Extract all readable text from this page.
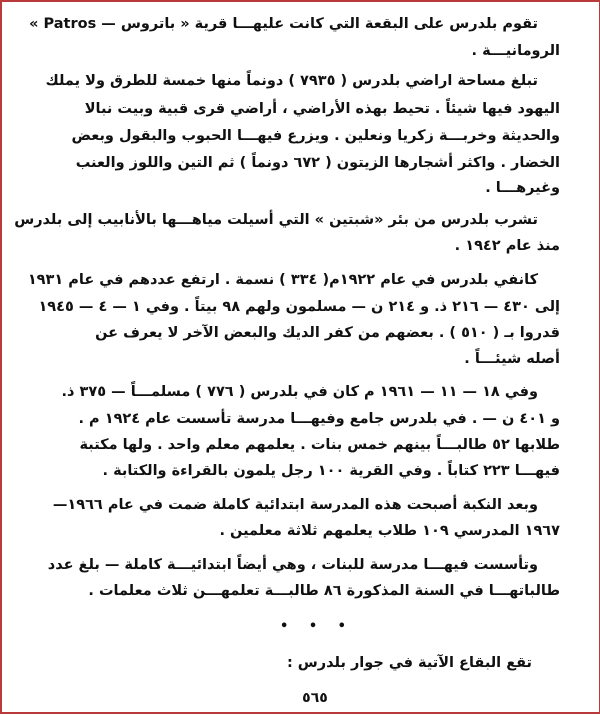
تقوم بلدرس على البقعة التي كانت عليهـــا قرية « باتروس — Patros »
الرومانيـــة .
تبلغ مساحة اراضي بلدرس ( ٧٩٣٥ ) دونماً منها خمسة للطرق ولا يملك
اليهود فيها شيئاً . تحيط بهذه الأراضي ، أراضي قرى قبية وبيت نبالا
والحديثة وخربـــة زكريا ونعلين . ويزرع فيهـــا الحبوب والبقول وبعض
الخضار . واكثر أشجارها الزيتون ( ٦٧٢ دونماً ) ثم التين واللوز والعنب
وغيرهـــا .
تشرب بلدرس من بئر «شبتين » التي أسيلت مياهـــها بالأنابيب إلى بلدرس
منذ عام ١٩٤٢ .
كانفي بلدرس في عام ١٩٢٢م( ٣٣٤ ) نسمة . ارتفع عددهم في عام ١٩٣١
إلى ٤٣٠ — ٢١٦ ذ. و ٢١٤ ن — مسلمون ولهم ٩٨ بيتاً . وفي ١ — ٤ — ١٩٤٥
قدروا بـ ( ٥١٠ ) . بعضهم من كفر الديك والبعض الآخر لا يعرف عن
أصله شيئـــاً .
وفي ١٨ — ١١ — ١٩٦١ م كان في بلدرس ( ٧٧٦ ) مسلمـــاً — ٣٧٥ ذ.
و ٤٠١ ن — . في بلدرس جامع وفيهـــا مدرسة تأسست عام ١٩٢٤ م .
طلابها ٥٢ طالبـــاً بينهم خمس بنات . يعلمهم معلم واحد . ولها مكتبة
فيهـــا ٢٢٣ كتاباً . وفي القرية ١٠٠ رجل يلمون بالقراءة والكتابة .
وبعد النكبة أصبحت هذه المدرسة ابتدائية كاملة ضمت في عام ١٩٦٦—
١٩٦٧ المدرسي ١٠٩ طلاب يعلمهم ثلاثة معلمين .
وتأسست فيهـــا مدرسة للبنات ، وهي أيضاً ابتدائيـــة كاملة — بلغ عدد
طالباتهـــا في السنة المذكورة ٨٦ طالبـــة تعلمهـــن ثلاث معلمات .
تقع البقاع الآتية في جوار بلدرس :
• • •
٥٦٥
